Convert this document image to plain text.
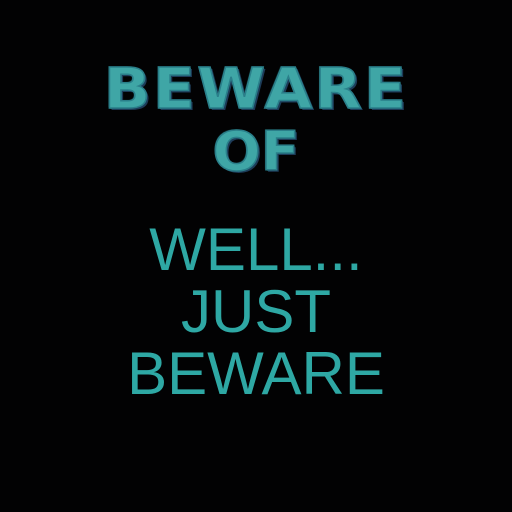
BEWARE
OF
WELL...
JUST
BEWARE
